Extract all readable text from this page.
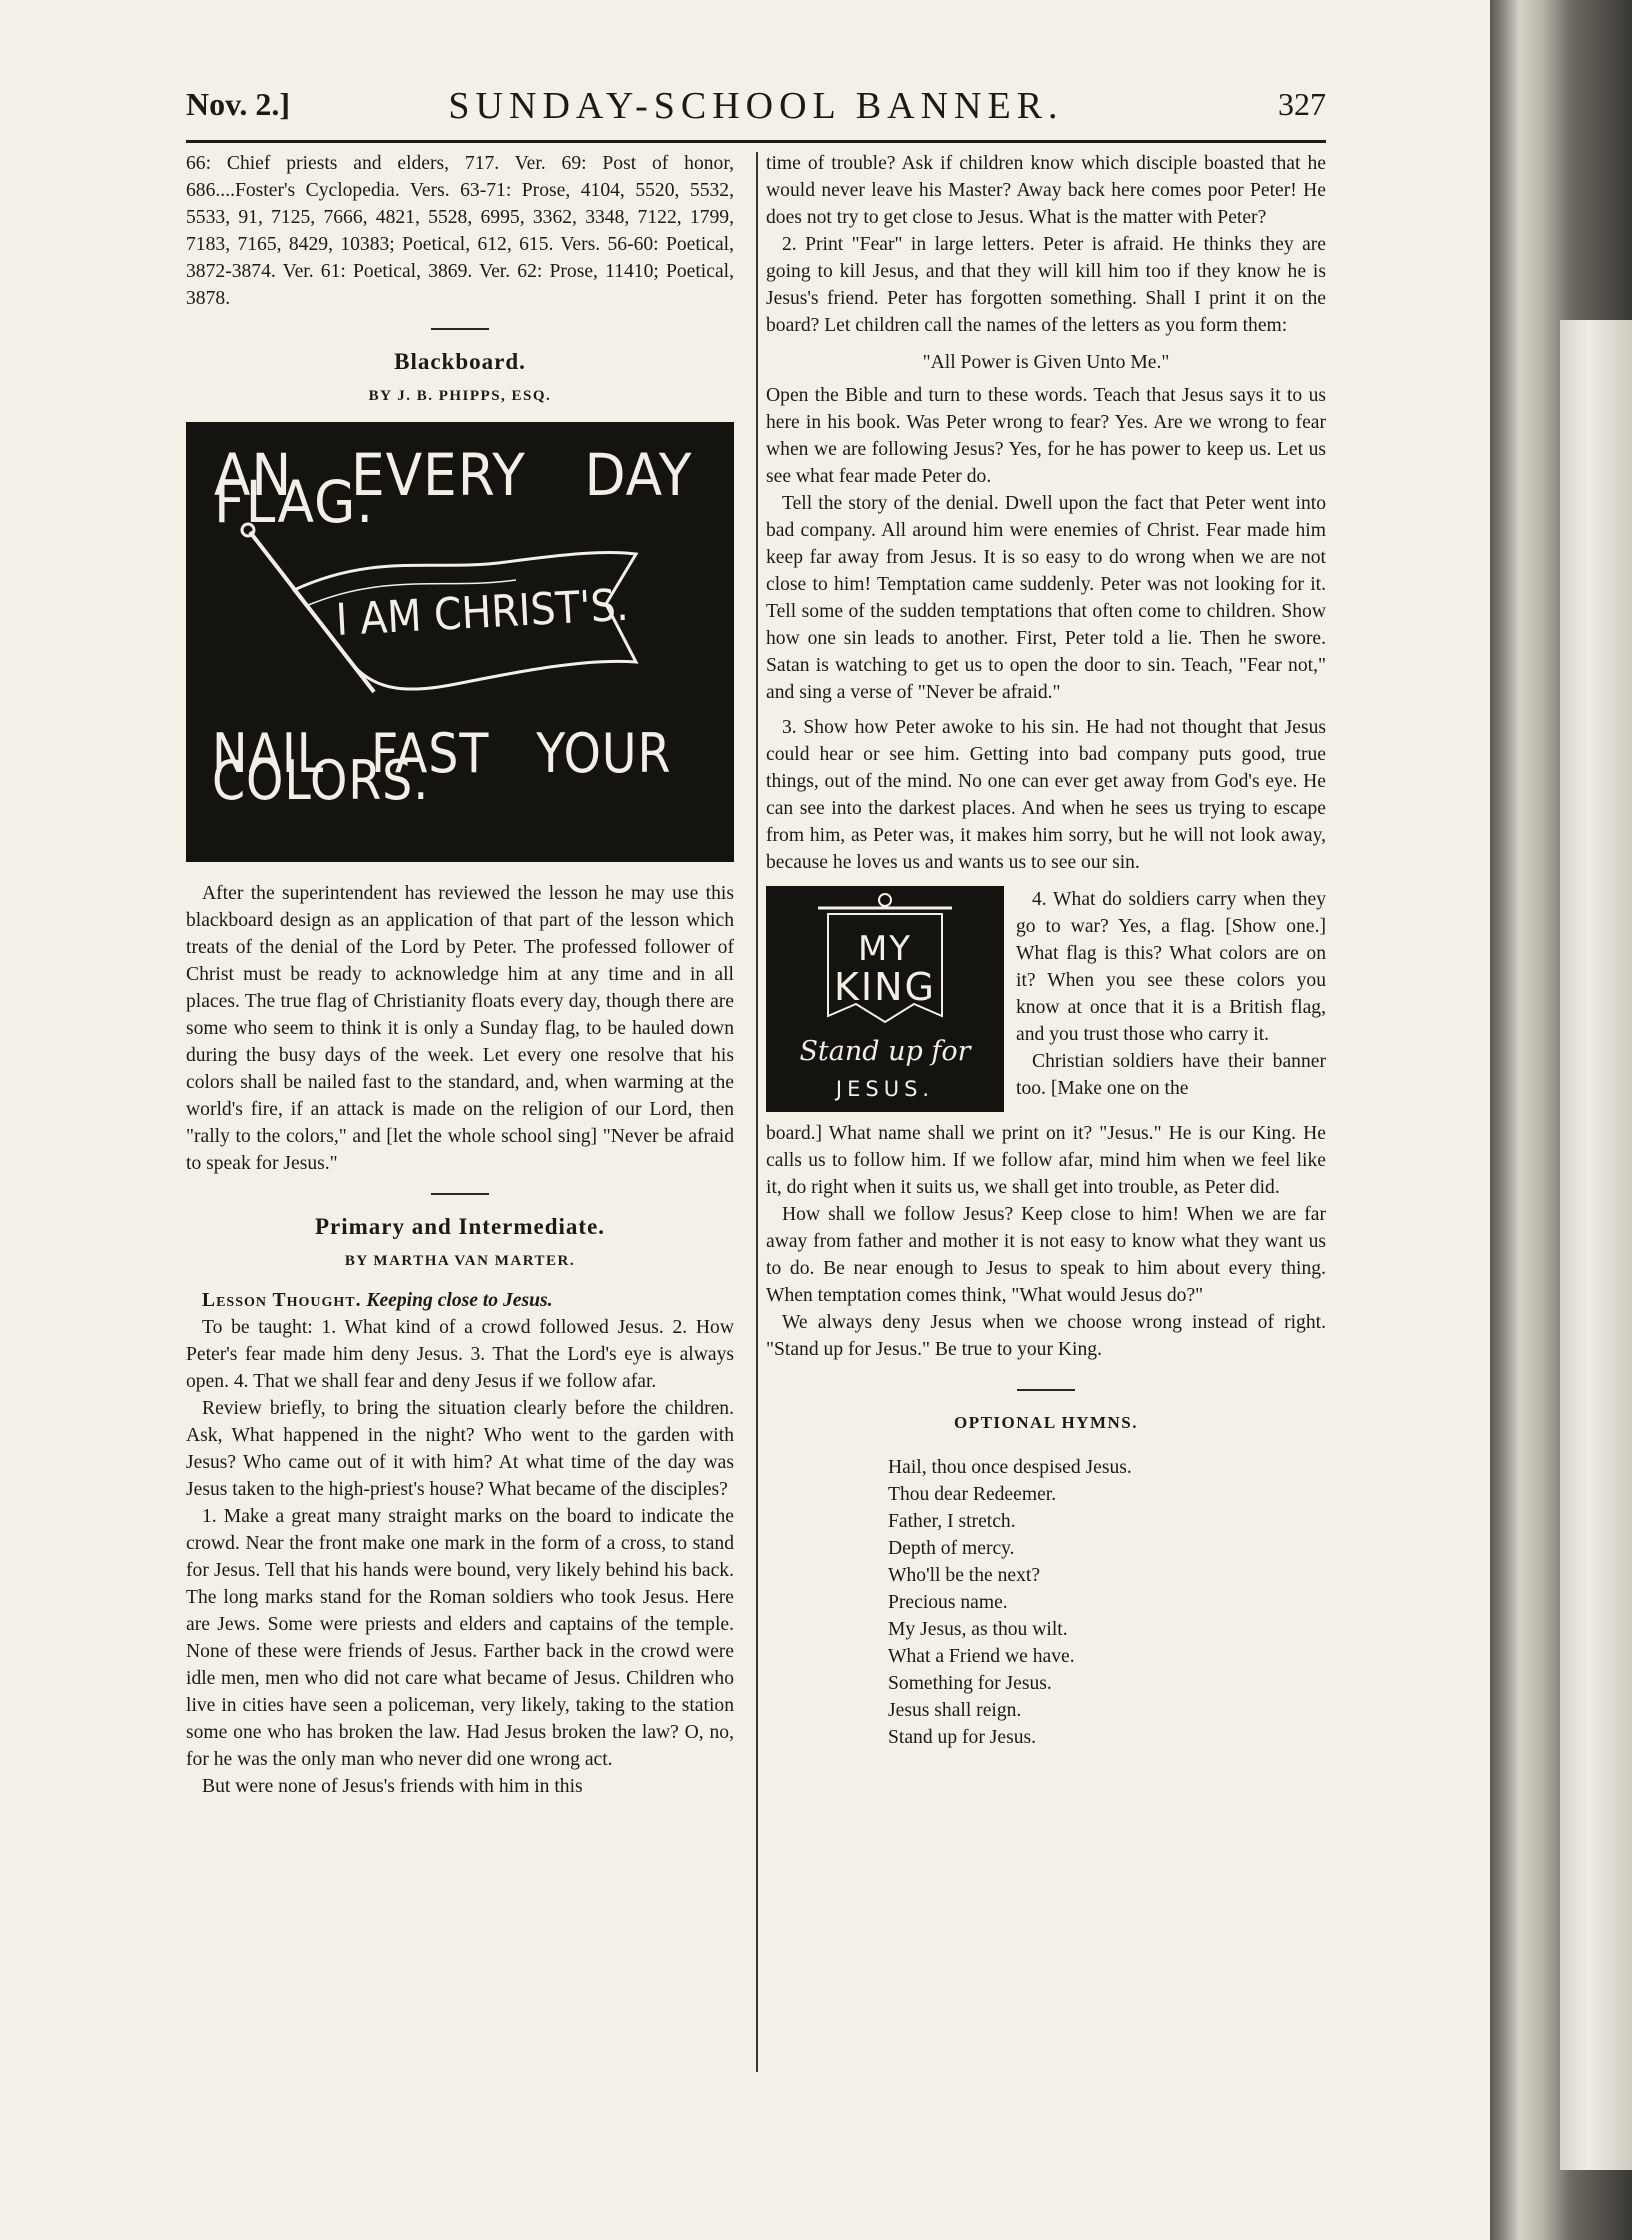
Nov. 2.]	SUNDAY-SCHOOL BANNER.	327

66: Chief priests and elders, 717. Ver. 69: Post of honor, 686....Foster's Cyclopedia. Vers. 63-71: Prose, 4104, 5520, 5532, 5533, 91, 7125, 7666, 4821, 5528, 6995, 3362, 3348, 7122, 1799, 7183, 7165, 8429, 10383; Poetical, 612, 615. Vers. 56-60: Poetical, 3872-3874. Ver. 61: Poetical, 3869. Ver. 62: Prose, 11410; Poetical, 3878.

Blackboard.
BY J. B. PHIPPS, ESQ.
AN EVERY DAY FLAG.
I AM CHRIST'S.
NAIL FAST YOUR COLORS.

After the superintendent has reviewed the lesson he may use this blackboard design as an application of that part of the lesson which treats of the denial of the Lord by Peter. The professed follower of Christ must be ready to acknowledge him at any time and in all places. The true flag of Christianity floats every day, though there are some who seem to think it is only a Sunday flag, to be hauled down during the busy days of the week. Let every one resolve that his colors shall be nailed fast to the standard, and, when warming at the world's fire, if an attack is made on the religion of our Lord, then "rally to the colors," and [let the whole school sing] "Never be afraid to speak for Jesus."

Primary and Intermediate.
BY MARTHA VAN MARTER.

Lesson Thought. Keeping close to Jesus.

To be taught: 1. What kind of a crowd followed Jesus. 2. How Peter's fear made him deny Jesus. 3. That the Lord's eye is always open. 4. That we shall fear and deny Jesus if we follow afar.

Review briefly, to bring the situation clearly before the children. Ask, What happened in the night? Who went to the garden with Jesus? Who came out of it with him? At what time of the day was Jesus taken to the high-priest's house? What became of the disciples?

1. Make a great many straight marks on the board to indicate the crowd. Near the front make one mark in the form of a cross, to stand for Jesus. Tell that his hands were bound, very likely behind his back. The long marks stand for the Roman soldiers who took Jesus. Here are Jews. Some were priests and elders and captains of the temple. None of these were friends of Jesus. Farther back in the crowd were idle men, men who did not care what became of Jesus. Children who live in cities have seen a policeman, very likely, taking to the station some one who has broken the law. Had Jesus broken the law? O, no, for he was the only man who never did one wrong act.

But were none of Jesus's friends with him in this

time of trouble? Ask if children know which disciple boasted that he would never leave his Master? Away back here comes poor Peter! He does not try to get close to Jesus. What is the matter with Peter?

2. Print "Fear" in large letters. Peter is afraid. He thinks they are going to kill Jesus, and that they will kill him too if they know he is Jesus's friend. Peter has forgotten something. Shall I print it on the board? Let children call the names of the letters as you form them:

"All Power is Given Unto Me."

Open the Bible and turn to these words. Teach that Jesus says it to us here in his book. Was Peter wrong to fear? Yes. Are we wrong to fear when we are following Jesus? Yes, for he has power to keep us. Let us see what fear made Peter do.

Tell the story of the denial. Dwell upon the fact that Peter went into bad company. All around him were enemies of Christ. Fear made him keep far away from Jesus. It is so easy to do wrong when we are not close to him! Temptation came suddenly. Peter was not looking for it. Tell some of the sudden temptations that often come to children. Show how one sin leads to another. First, Peter told a lie. Then he swore. Satan is watching to get us to open the door to sin. Teach, "Fear not," and sing a verse of "Never be afraid."

3. Show how Peter awoke to his sin. He had not thought that Jesus could hear or see him. Getting into bad company puts good, true things, out of the mind. No one can ever get away from God's eye. He can see into the darkest places. And when he sees us trying to escape from him, as Peter was, it makes him sorry, but he will not look away, because he loves us and wants us to see our sin.

MY
KING
Stand up for
JESUS.

4. What do soldiers carry when they go to war? Yes, a flag. [Show one.] What flag is this? What colors are on it? When you see these colors you know at once that it is a British flag, and you trust those who carry it.

Christian soldiers have their banner too. [Make one on the

board.] What name shall we print on it? "Jesus." He is our King. He calls us to follow him. If we follow afar, mind him when we feel like it, do right when it suits us, we shall get into trouble, as Peter did.

How shall we follow Jesus? Keep close to him! When we are far away from father and mother it is not easy to know what they want us to do. Be near enough to Jesus to speak to him about every thing. When temptation comes think, "What would Jesus do?"

We always deny Jesus when we choose wrong instead of right. "Stand up for Jesus." Be true to your King.

OPTIONAL HYMNS.
Hail, thou once despised Jesus.
Thou dear Redeemer.
Father, I stretch.
Depth of mercy.
Who'll be the next?
Precious name.
My Jesus, as thou wilt.
What a Friend we have.
Something for Jesus.
Jesus shall reign.
Stand up for Jesus.
